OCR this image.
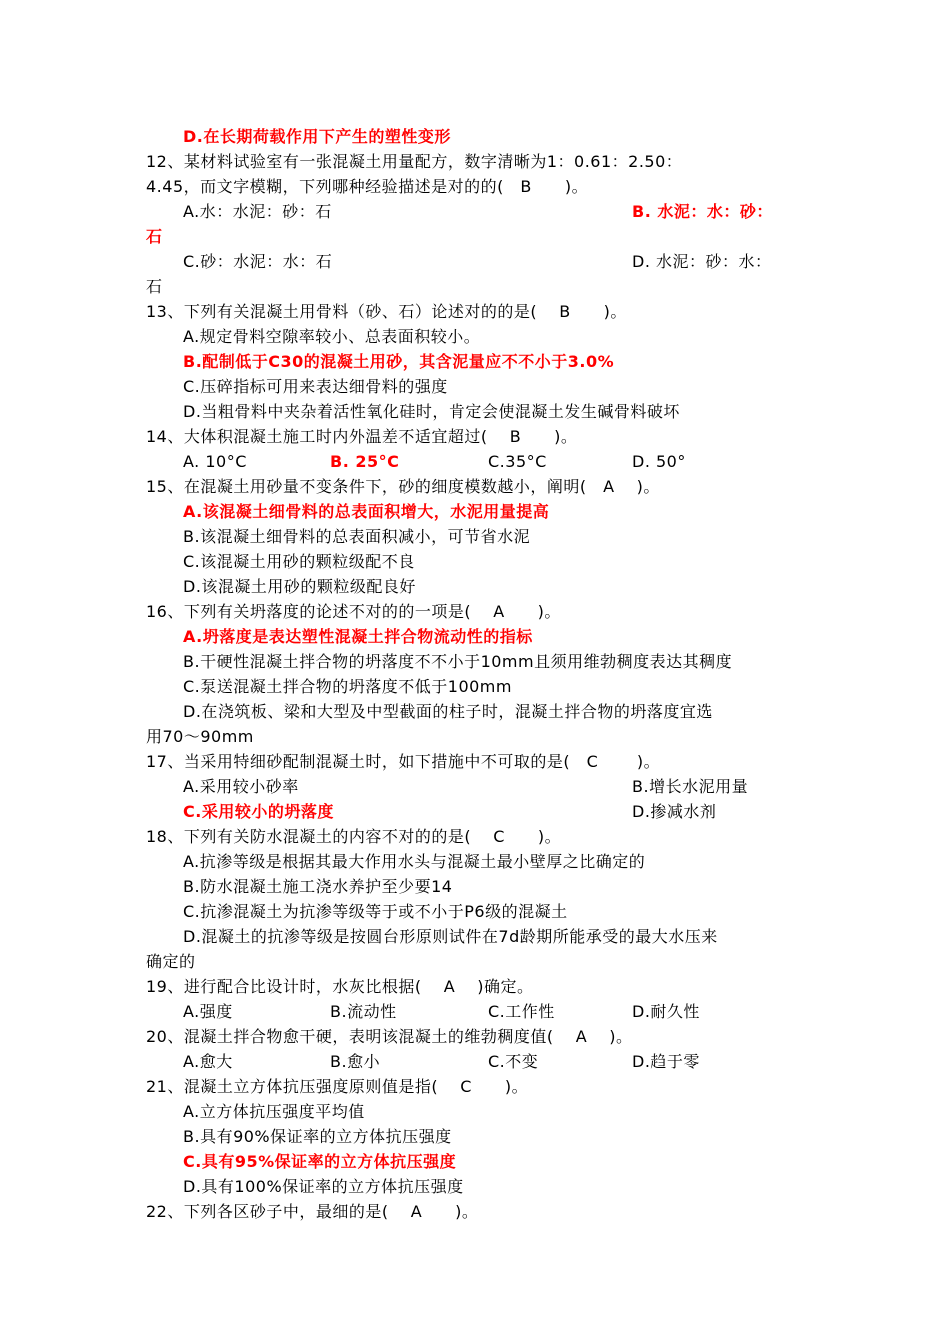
D.在长期荷载作用下产生的塑性变形
12、某材料试验室有一张混凝土用量配方，数字清晰为1：0.61：2.50：
4.45，而文字模糊，下列哪种经验描述是对的的(　B　　)。
A.水：水泥：砂：石	B. 水泥：水：砂：
石
C.砂：水泥：水：石	D. 水泥：砂：水：
石
13、下列有关混凝土用骨料（砂、石）论述对的的是(　 B　　)。
A.规定骨料空隙率较小、总表面积较小。
B.配制低于C30的混凝土用砂，其含泥量应不不小于3.0%
C.压碎指标可用来表达细骨料的强度
D.当粗骨料中夹杂着活性氧化硅时，肯定会使混凝土发生碱骨料破坏
14、大体积混凝土施工时内外温差不适宜超过(　 B　　)。
A. 10°C	B. 25°C	C.35°C	D. 50°
15、在混凝土用砂量不变条件下，砂的细度模数越小，阐明(　A　 )。
A.该混凝土细骨料的总表面积增大，水泥用量提高
B.该混凝土细骨料的总表面积减小，可节省水泥
C.该混凝土用砂的颗粒级配不良
D.该混凝土用砂的颗粒级配良好
16、下列有关坍落度的论述不对的的一项是(　 A　　)。
A.坍落度是表达塑性混凝土拌合物流动性的指标
B.干硬性混凝土拌合物的坍落度不不小于10mm且须用维勃稠度表达其稠度
C.泵送混凝土拌合物的坍落度不低于100mm
D.在浇筑板、梁和大型及中型截面的柱子时，混凝土拌合物的坍落度宜选
用70～90mm
17、当采用特细砂配制混凝土时，如下措施中不可取的是(　C　　 )。
A.采用较小砂率	B.增长水泥用量
C.采用较小的坍落度	D.掺减水剂
18、下列有关防水混凝土的内容不对的的是(　 C　　)。
A.抗渗等级是根据其最大作用水头与混凝土最小壁厚之比确定的
B.防水混凝土施工浇水养护至少要14
C.抗渗混凝土为抗渗等级等于或不小于P6级的混凝土
D.混凝土的抗渗等级是按圆台形原则试件在7d龄期所能承受的最大水压来
确定的
19、进行配合比设计时，水灰比根据(　 A　 )确定。
A.强度	B.流动性	C.工作性	D.耐久性
20、混凝土拌合物愈干硬，表明该混凝土的维勃稠度值(　 A　 )。
A.愈大	B.愈小	C.不变	D.趋于零
21、混凝土立方体抗压强度原则值是指(　 C　　)。
A.立方体抗压强度平均值
B.具有90%保证率的立方体抗压强度
C.具有95%保证率的立方体抗压强度
D.具有100%保证率的立方体抗压强度
22、下列各区砂子中，最细的是(　 A　　)。
